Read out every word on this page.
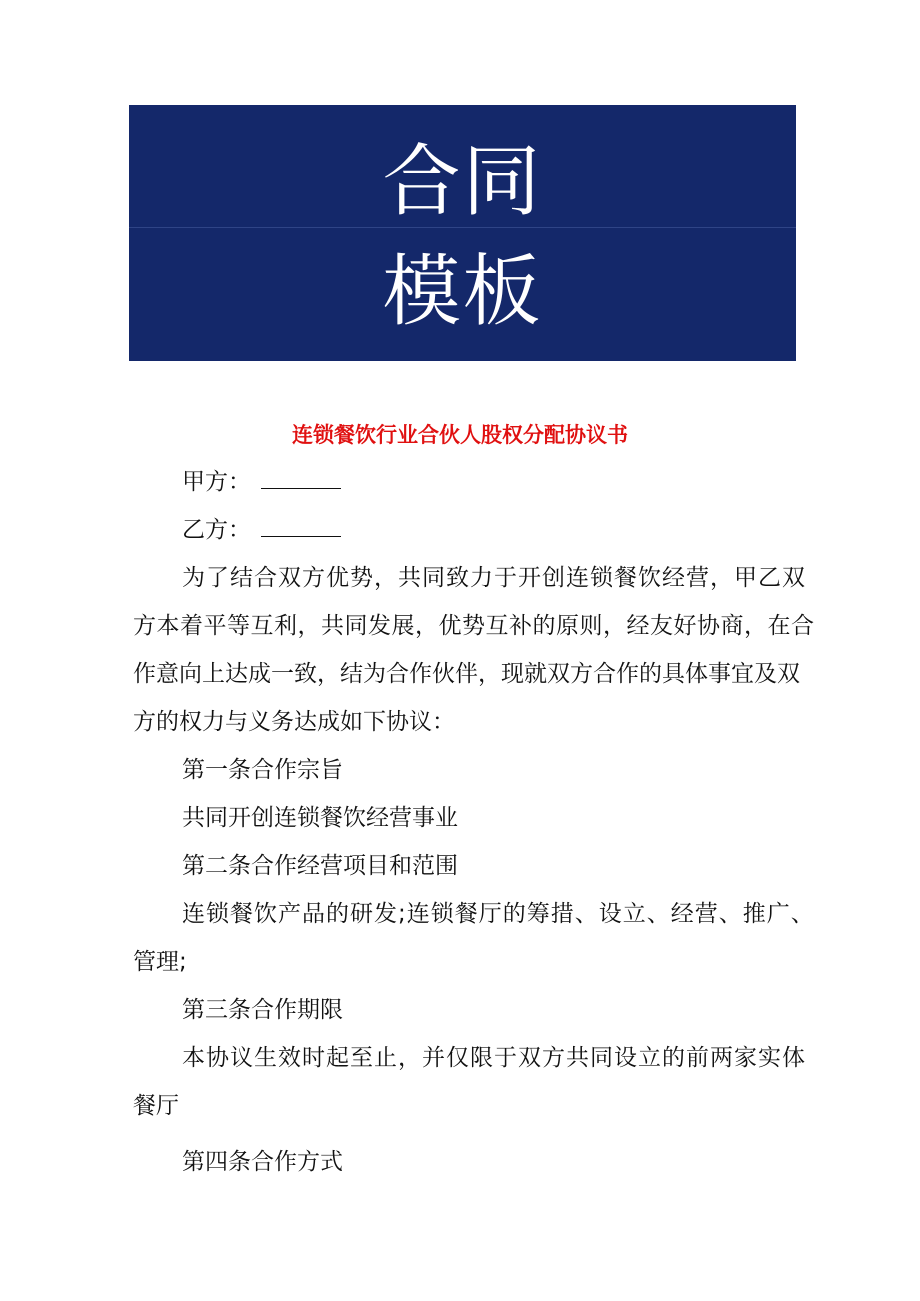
合同
模板
连锁餐饮行业合伙人股权分配协议书
甲方：
乙方：
为了结合双方优势，共同致力于开创连锁餐饮经营，甲乙双
方本着平等互利，共同发展，优势互补的原则，经友好协商，在合
作意向上达成一致，结为合作伙伴，现就双方合作的具体事宜及双
方的权力与义务达成如下协议：
第一条合作宗旨
共同开创连锁餐饮经营事业
第二条合作经营项目和范围
连锁餐饮产品的研发;连锁餐厅的筹措、设立、经营、推广、
管理;
第三条合作期限
本协议生效时起至止，并仅限于双方共同设立的前两家实体
餐厅
第四条合作方式
